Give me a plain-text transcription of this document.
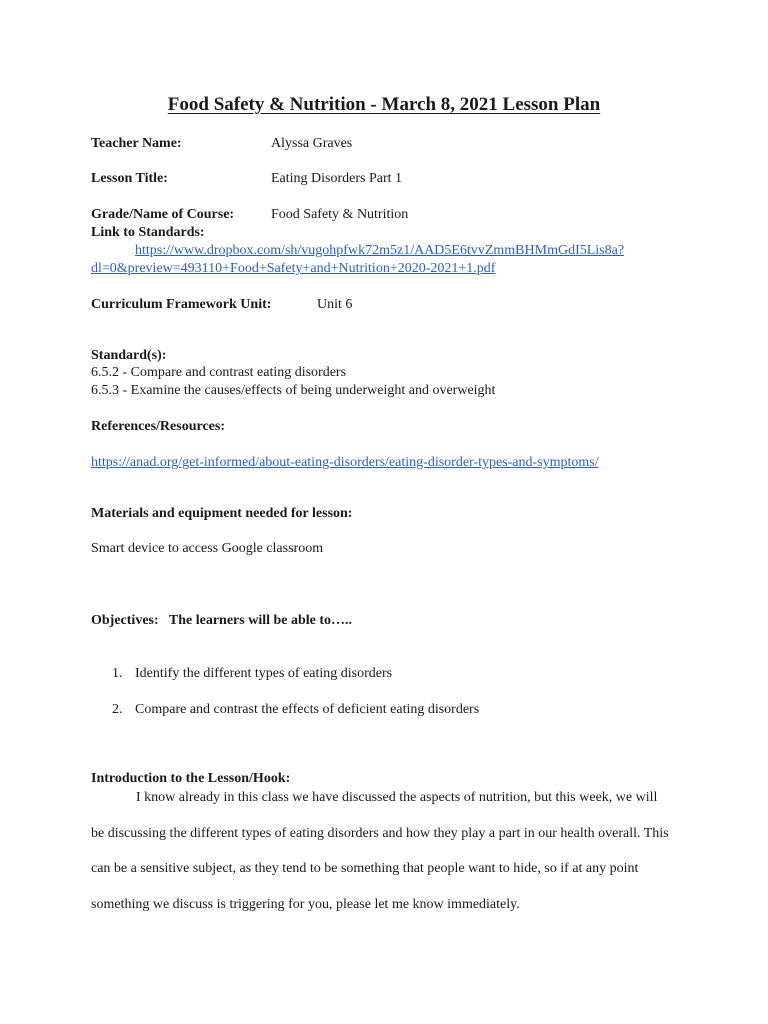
Food Safety & Nutrition - March 8, 2021 Lesson Plan
Teacher Name:	Alyssa Graves
Lesson Title:	Eating Disorders Part 1
Grade/Name of Course:	Food Safety & Nutrition
Link to Standards:
https://www.dropbox.com/sh/vugohpfwk72m5z1/AAD5E6tvvZmmBHMmGdI5Lis8a?
dl=0&preview=493110+Food+Safety+and+Nutrition+2020-2021+1.pdf
Curriculum Framework Unit:	Unit 6
Standard(s):
6.5.2 - Compare and contrast eating disorders
6.5.3 - Examine the causes/effects of being underweight and overweight
References/Resources:
https://anad.org/get-informed/about-eating-disorders/eating-disorder-types-and-symptoms/
Materials and equipment needed for lesson:
Smart device to access Google classroom
Objectives:   The learners will be able to…..
1. Identify the different types of eating disorders
2. Compare and contrast the effects of deficient eating disorders
Introduction to the Lesson/Hook:
I know already in this class we have discussed the aspects of nutrition, but this week, we will be discussing the different types of eating disorders and how they play a part in our health overall. This can be a sensitive subject, as they tend to be something that people want to hide, so if at any point something we discuss is triggering for you, please let me know immediately.
